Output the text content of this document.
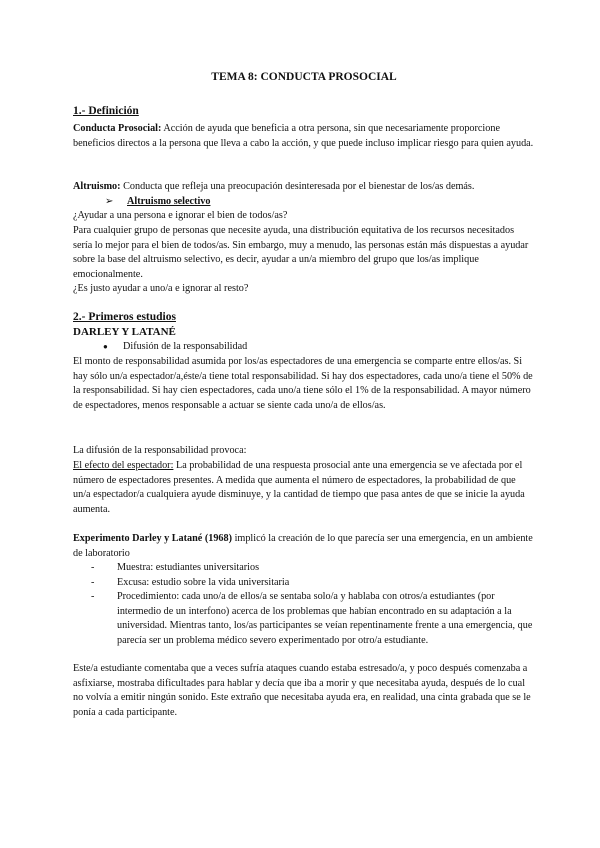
TEMA 8: CONDUCTA PROSOCIAL
1.- Definición

Conducta Prosocial: Acción de ayuda que beneficia a otra persona, sin que necesariamente proporcione beneficios directos a la persona que lleva a cabo la acción, y que puede incluso implicar riesgo para quien ayuda.

Altruismo: Conducta que refleja una preocupación desinteresada por el bienestar de los/as demás.

➢ Altruismo selectivo

¿Ayudar a una persona e ignorar el bien de todos/as?

Para cualquier grupo de personas que necesite ayuda, una distribución equitativa de los recursos necesitados sería lo mejor para el bien de todos/as. Sin embargo, muy a menudo, las personas están más dispuestas a ayudar sobre la base del altruismo selectivo, es decir, ayudar a un/a miembro del grupo que los/as implique emocionalmente.

¿Es justo ayudar a uno/a e ignorar al resto?

2.- Primeros estudios
DARLEY Y LATANÉ
● Difusión de la responsabilidad

El monto de responsabilidad asumida por los/as espectadores de una emergencia se comparte entre ellos/as. Si hay sólo un/a espectador/a,éste/a tiene total responsabilidad. Si hay dos espectadores, cada uno/a tiene el 50% de la responsabilidad. Si hay cien espectadores, cada uno/a tiene sólo el 1% de la responsabilidad. A mayor número de espectadores, menos responsable a actuar se siente cada uno/a de ellos/as.

La difusión de la responsabilidad provoca:

El efecto del espectador: La probabilidad de una respuesta prosocial ante una emergencia se ve afectada por el número de espectadores presentes. A medida que aumenta el número de espectadores, la probabilidad de que un/a espectador/a cualquiera ayude disminuye, y la cantidad de tiempo que pasa antes de que se inicie la ayuda aumenta.

Experimento Darley y Latané (1968) implicó la creación de lo que parecía ser una emergencia, en un ambiente de laboratorio

- Muestra: estudiantes universitarios
- Excusa: estudio sobre la vida universitaria
- Procedimiento: cada uno/a de ellos/a se sentaba solo/a y hablaba con otros/a estudiantes (por intermedio de un interfono) acerca de los problemas que habían encontrado en su adaptación a la universidad. Mientras tanto, los/as participantes se veían repentinamente frente a una emergencia, que parecía ser un problema médico severo experimentado por otro/a estudiante.

Este/a estudiante comentaba que a veces sufría ataques cuando estaba estresado/a, y poco después comenzaba a asfixiarse, mostraba dificultades para hablar y decía que iba a morir y que necesitaba ayuda, después de lo cual no volvía a emitir ningún sonido. Este extraño que necesitaba ayuda era, en realidad, una cinta grabada que se le ponía a cada participante.
